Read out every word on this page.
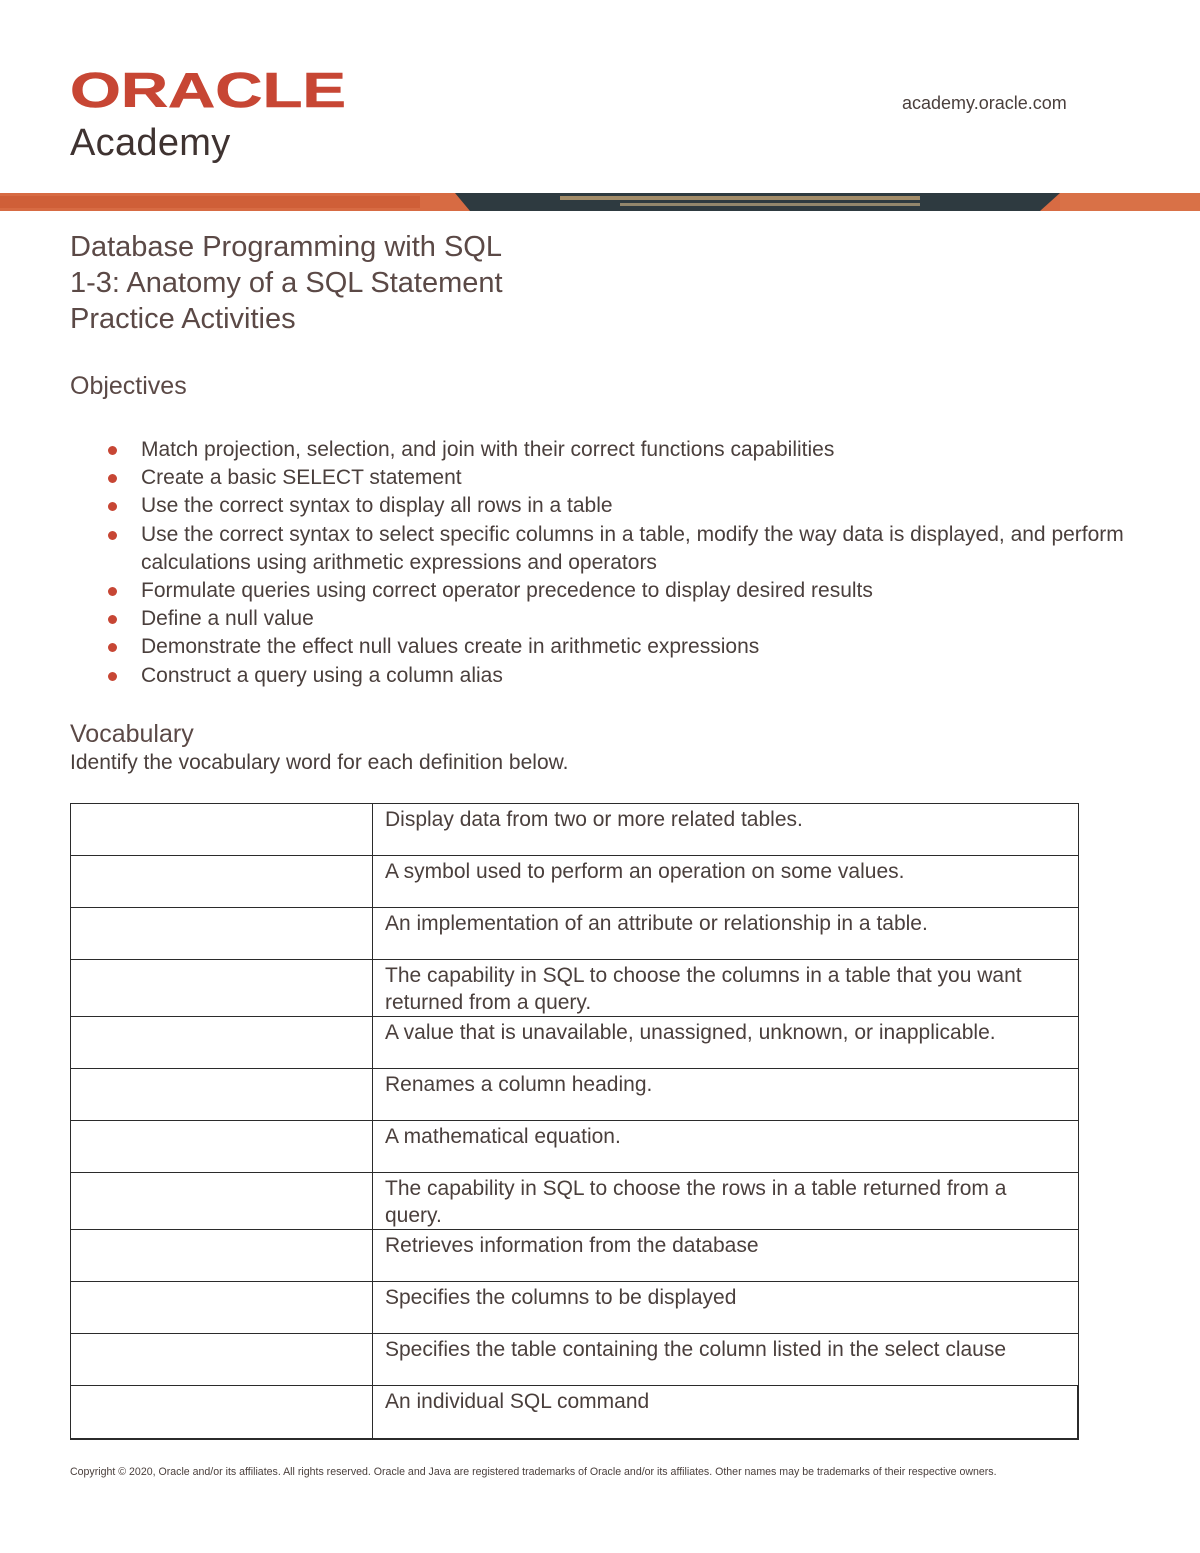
ORACLE
Academy
academy.oracle.com
Database Programming with SQL
1-3: Anatomy of a SQL Statement
Practice Activities
Objectives
Match projection, selection, and join with their correct functions capabilities
Create a basic SELECT statement
Use the correct syntax to display all rows in a table
Use the correct syntax to select specific columns in a table, modify the way data is displayed, and perform calculations using arithmetic expressions and operators
Formulate queries using correct operator precedence to display desired results
Define a null value
Demonstrate the effect null values create in arithmetic expressions
Construct a query using a column alias
Vocabulary
Identify the vocabulary word for each definition below.
	Display data from two or more related tables.
	A symbol used to perform an operation on some values.
	An implementation of an attribute or relationship in a table.
	The capability in SQL to choose the columns in a table that you want returned from a query.
	A value that is unavailable, unassigned, unknown, or inapplicable.
	Renames a column heading.
	A mathematical equation.
	The capability in SQL to choose the rows in a table returned from a query.
	Retrieves information from the database
	Specifies the columns to be displayed
	Specifies the table containing the column listed in the select clause
	An individual SQL command
Copyright © 2020, Oracle and/or its affiliates. All rights reserved. Oracle and Java are registered trademarks of Oracle and/or its affiliates. Other names may be trademarks of their respective owners.
